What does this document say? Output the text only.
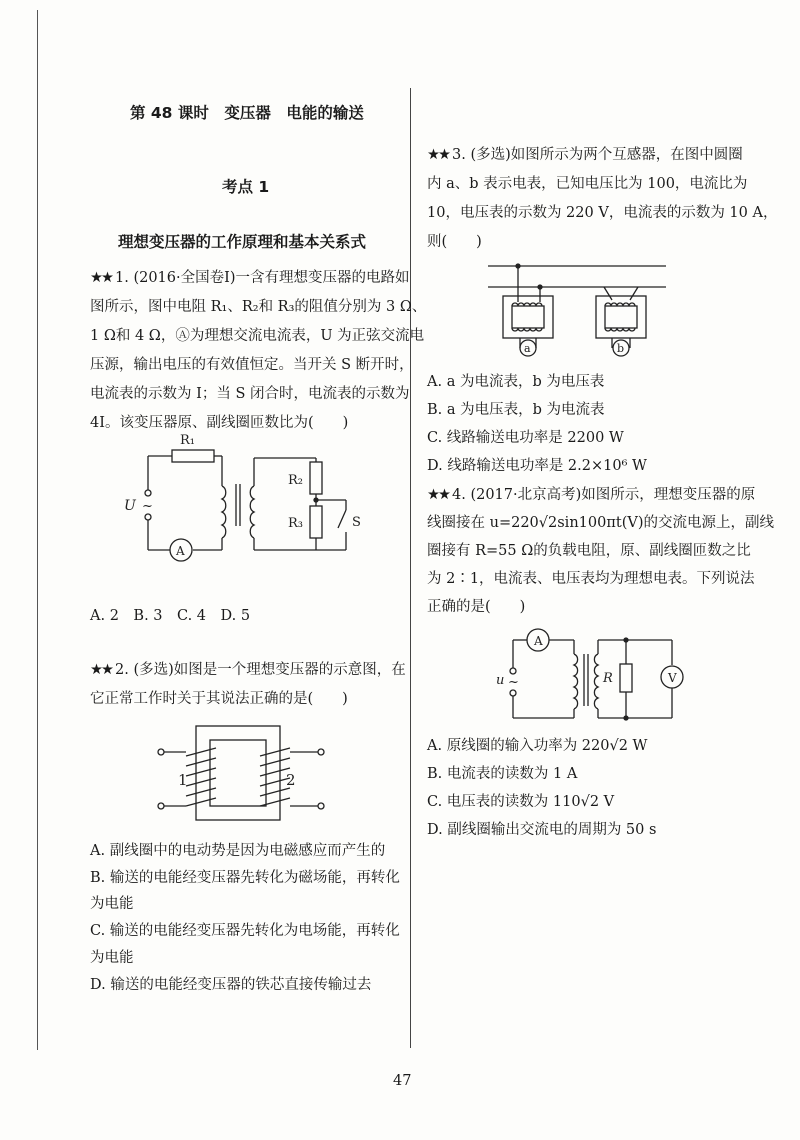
第 48 课时　变压器　电能的输送
考点 1
理想变压器的工作原理和基本关系式
★★ 1. (2016·全国卷Ⅰ)一含有理想变压器的电路如
图所示，图中电阻 R₁、R₂和 R₃的阻值分别为 3 Ω、
1 Ω和 4 Ω，Ⓐ为理想交流电流表，U 为正弦交流电
压源，输出电压的有效值恒定。当开关 S 断开时，
电流表的示数为 I；当 S 闭合时，电流表的示数为
4I。该变压器原、副线圈匝数比为(　　)
R₁
R₂
R₃
U ~
A
S
A. 2　B. 3　C. 4　D. 5
★★ 2. (多选)如图是一个理想变压器的示意图，在
它正常工作时关于其说法正确的是(　　)
1	2
A. 副线圈中的电动势是因为电磁感应而产生的
B. 输送的电能经变压器先转化为磁场能，再转化
为电能
C. 输送的电能经变压器先转化为电场能，再转化
为电能
D. 输送的电能经变压器的铁芯直接传输过去
★★ 3. (多选)如图所示为两个互感器，在图中圆圈
内 a、b 表示电表，已知电压比为 100，电流比为
10，电压表的示数为 220 V，电流表的示数为 10 A，
则(　　)
a	b
A. a 为电流表，b 为电压表
B. a 为电压表，b 为电流表
C. 线路输送电功率是 2200 W
D. 线路输送电功率是 2.2×10⁶ W
★★ 4. (2017·北京高考)如图所示，理想变压器的原
线圈接在 u=220√2sin100πt(V)的交流电源上，副线
圈接有 R=55 Ω的负载电阻，原、副线圈匝数之比
为 2∶1，电流表、电压表均为理想电表。下列说法
正确的是(　　)
u ~
A
R	V
A. 原线圈的输入功率为 220√2 W
B. 电流表的读数为 1 A
C. 电压表的读数为 110√2 V
D. 副线圈输出交流电的周期为 50 s
47
